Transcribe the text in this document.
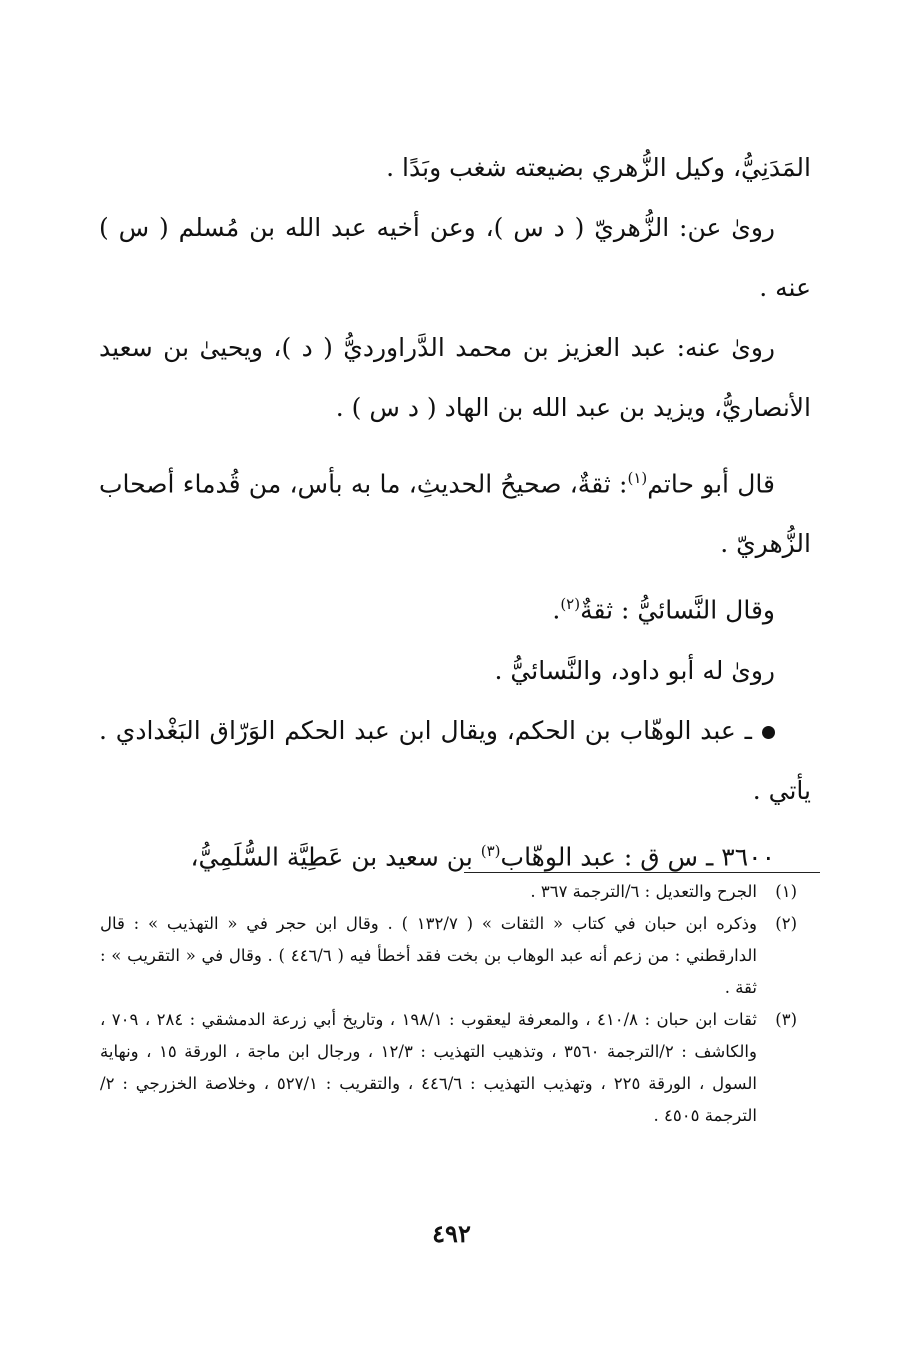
المَدَنِيُّ، وكيل الزُّهري بضيعته شغب وبَدًا .

روىٰ عن: الزُّهريّ ( د س )، وعن أخيه عبد الله بن مُسلم ( س ) عنه .

روىٰ عنه: عبد العزيز بن محمد الدَّراورديُّ ( د )، ويحيىٰ بن سعيد الأنصاريُّ، ويزيد بن عبد الله بن الهاد ( د س ) .

قال أبو حاتم$^{(١)}$: ثقةٌ، صحيحُ الحديثِ، ما به بأس، من قُدماء أصحاب الزُّهريّ .

وقال النَّسائيُّ : ثقةٌ$^{(٢)}$.

روىٰ له أبو داود، والنَّسائيُّ .

ـ عبد الوهّاب بن الحكم، ويقال ابن عبد الحكم الوَرّاق البَغْدادي . يأتي .

٣٦٠٠ ـ س ق : عبد الوهّاب$^{(٣)}$ بن سعيد بن عَطِيَّة السُّلَمِيُّ،

(١)
الجرح والتعديل : ٦/الترجمة ٣٦٧ .
(٢)
وذكره ابن حبان في كتاب « الثقات » ( ١٣٢/٧ ) . وقال ابن حجر في « التهذيب » : قال الدارقطني : من زعم أنه عبد الوهاب بن بخت فقد أخطأ فيه ( ٤٤٦/٦ ) . وقال في « التقريب » : ثقة .
(٣)
ثقات ابن حبان : ٤١٠/٨ ، والمعرفة ليعقوب : ١٩٨/١ ، وتاريخ أبي زرعة الدمشقي : ٢٨٤ ، ٧٠٩ ، والكاشف : ٢/الترجمة ٣٥٦٠ ، وتذهيب التهذيب : ١٢/٣ ، ورجال ابن ماجة ، الورقة ١٥ ، ونهاية السول ، الورقة ٢٢٥ ، وتهذيب التهذيب : ٤٤٦/٦ ، والتقريب : ٥٢٧/١ ، وخلاصة الخزرجي : ٢/الترجمة ٤٥٠٥ .
٤٩٢
